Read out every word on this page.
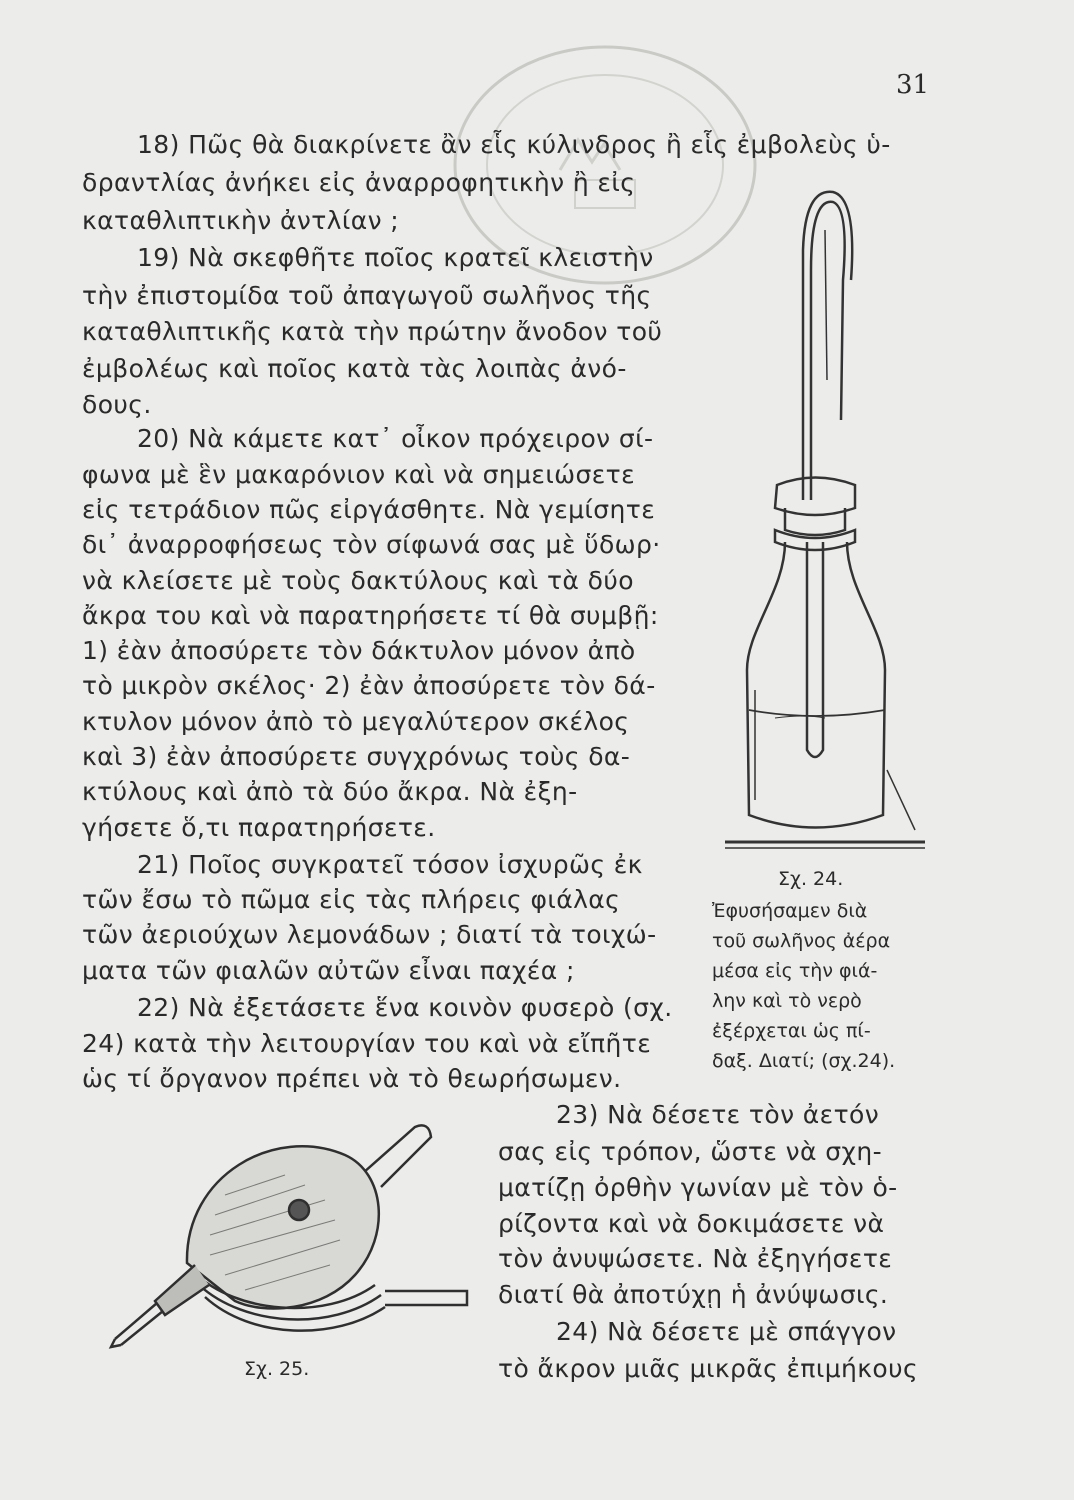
31
18) Πῶς θὰ διακρίνετε ἂν εἷς κύλινδρος ἢ εἷς ἐμβολεὺς ὑ-
δραντλίας ἀνήκει εἰς ἀναρροφητικὴν ἢ εἰς
καταθλιπτικὴν ἀντλίαν ;
19) Νὰ σκεφθῆτε ποῖος κρατεῖ κλειστὴν
τὴν ἐπιστομίδα τοῦ ἀπαγωγοῦ σωλῆνος τῆς
καταθλιπτικῆς κατὰ τὴν πρώτην ἄνοδον τοῦ
ἐμβολέως καὶ ποῖος κατὰ τὰς λοιπὰς ἀνό-
δους.
20) Νὰ κάμετε κατ᾽ οἶκον πρόχειρον σί-
φωνα μὲ ἓν μακαρόνιον καὶ νὰ σημειώσετε
εἰς τετράδιον πῶς εἰργάσθητε. Νὰ γεμίσητε
δι᾽ ἀναρροφήσεως τὸν σίφωνά σας μὲ ὕδωρ·
νὰ κλείσετε μὲ τοὺς δακτύλους καὶ τὰ δύο
ἄκρα του καὶ νὰ παρατηρήσετε τί θὰ συμβῇ:
1) ἐὰν ἀποσύρετε τὸν δάκτυλον μόνον ἀπὸ
τὸ μικρὸν σκέλος· 2) ἐὰν ἀποσύρετε τὸν δά-
κτυλον μόνον ἀπὸ τὸ μεγαλύτερον σκέλος
καὶ 3) ἐὰν ἀποσύρετε συγχρόνως τοὺς δα-
κτύλους καὶ ἀπὸ τὰ δύο ἄκρα. Νὰ ἐξη-
γήσετε ὅ,τι παρατηρήσετε.
21) Ποῖος συγκρατεῖ τόσον ἰσχυρῶς ἐκ
τῶν ἔσω τὸ πῶμα εἰς τὰς πλήρεις φιάλας
τῶν ἀεριούχων λεμονάδων ; διατί τὰ τοιχώ-
ματα τῶν φιαλῶν αὐτῶν εἶναι παχέα ;
22) Νὰ ἐξετάσετε ἕνα κοινὸν φυσερὸ (σχ.
24) κατὰ τὴν λειτουργίαν του καὶ νὰ εἴπῆτε
ὡς τί ὄργανον πρέπει νὰ τὸ θεωρήσωμεν.
23) Νὰ δέσετε τὸν ἀετόν
σας εἰς τρόπον, ὥστε νὰ σχη-
ματίζῃ ὀρθὴν γωνίαν μὲ τὸν ὁ-
ρίζοντα καὶ νὰ δοκιμάσετε νὰ
τὸν ἀνυψώσετε. Νὰ ἐξηγήσετε
διατί θὰ ἀποτύχῃ ἡ ἀνύψωσις.
24) Νὰ δέσετε μὲ σπάγγον
τὸ ἄκρον μιᾶς μικρᾶς ἐπιμήκους
Σχ. 24.
Ἐφυσήσαμεν διὰ
τοῦ σωλῆνος ἀέρα
μέσα εἰς τὴν φιά-
λην καὶ τὸ νερὸ
ἐξέρχεται ὡς πί-
δαξ. Διατί; (σχ.24).
Σχ. 25.
